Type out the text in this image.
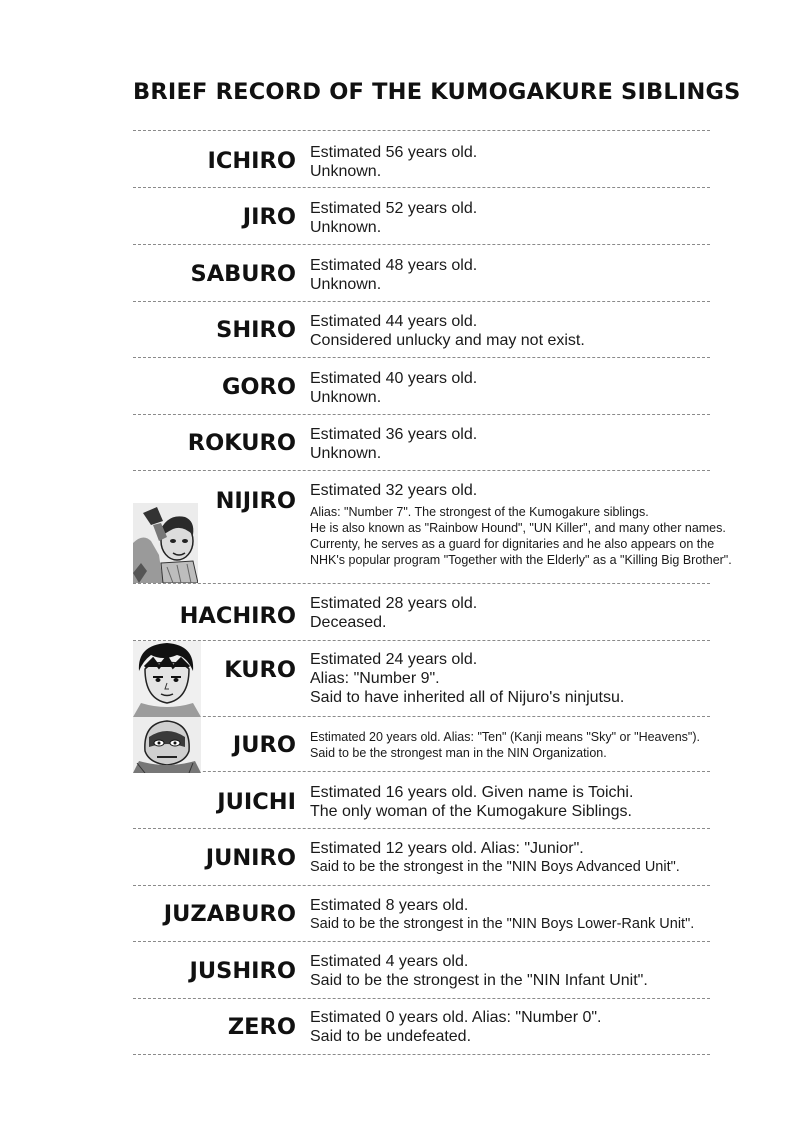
BRIEF RECORD OF THE KUMOGAKURE SIBLINGS
ICHIRO Estimated 56 years old.
Unknown.
JIRO Estimated 52 years old.
Unknown.
SABURO Estimated 48 years old.
Unknown.
SHIRO Estimated 44 years old.
Considered unlucky and may not exist.
GORO Estimated 40 years old.
Unknown.
ROKURO Estimated 36 years old.
Unknown.
NIJIRO Estimated 32 years old.
Alias: "Number 7". The strongest of the Kumogakure siblings.
He is also known as "Rainbow Hound", "UN Killer", and many other names.
Currenty, he serves as a guard for dignitaries and he also appears on the
NHK's popular program "Together with the Elderly" as a "Killing Big Brother".
HACHIRO Estimated 28 years old.
Deceased.
KURO Estimated 24 years old.
Alias: "Number 9".
Said to have inherited all of Nijuro's ninjutsu.
JURO Estimated 20 years old. Alias: "Ten" (Kanji means "Sky" or "Heavens").
Said to be the strongest man in the NIN Organization.
JUICHI Estimated 16 years old. Given name is Toichi.
The only woman of the Kumogakure Siblings.
JUNIRO Estimated 12 years old. Alias: "Junior".
Said to be the strongest in the "NIN Boys Advanced Unit".
JUZABURO Estimated 8 years old.
Said to be the strongest in the "NIN Boys Lower-Rank Unit".
JUSHIRO Estimated 4 years old.
Said to be the strongest in the "NIN Infant Unit".
ZERO Estimated 0 years old. Alias: "Number 0".
Said to be undefeated.
